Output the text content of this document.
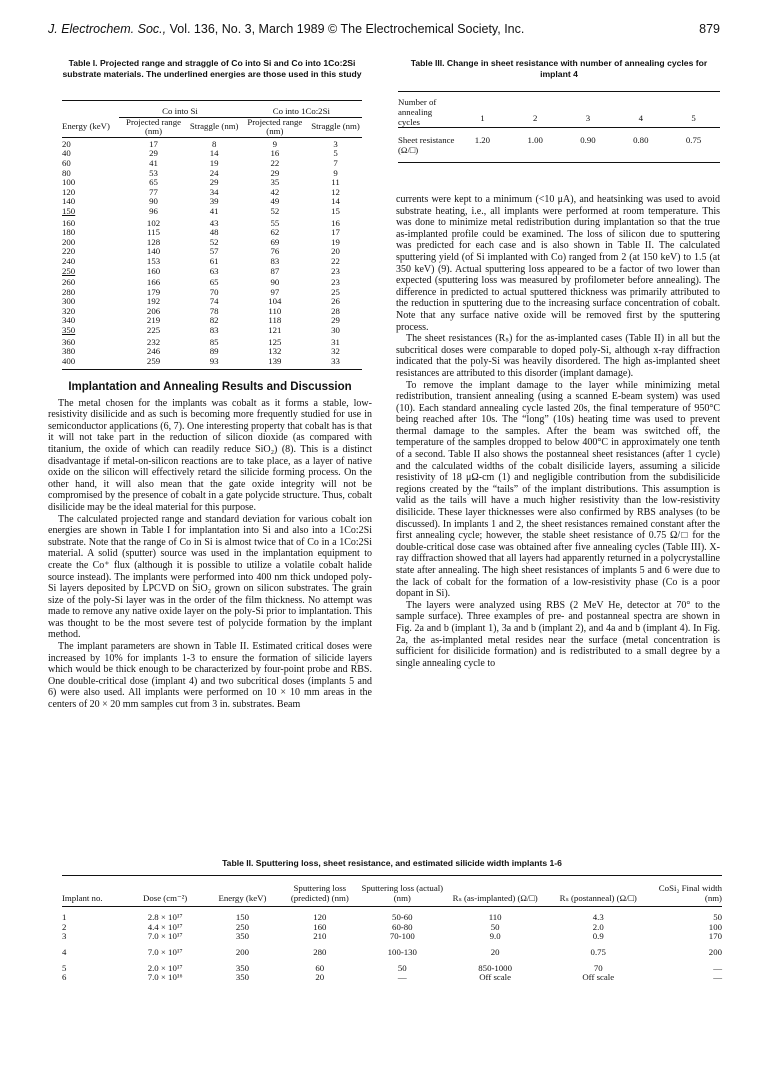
J. Electrochem. Soc., Vol. 136, No. 3, March 1989 © The Electrochemical Society, Inc.	879
Table I. Projected range and straggle of Co into Si and Co into 1Co:2Si substrate materials. The underlined energies are those used in this study

	Co into Si		Co into 1Co:2Si	
Energy (keV)	Projected range (nm)	Straggle (nm)	Projected range (nm)	Straggle (nm)
20	17	8	9	3
40	29	14	16	5
60	41	19	22	7
80	53	24	29	9
100	65	29	35	11
120	77	34	42	12
140	90	39	49	14
150	96	41	52	15
160	102	43	55	16
180	115	48	62	17
200	128	52	69	19
220	140	57	76	20
240	153	61	83	22
250	160	63	87	23
260	166	65	90	23
280	179	70	97	25
300	192	74	104	26
320	206	78	110	28
340	219	82	118	29
350	225	83	121	30
360	232	85	125	31
380	246	89	132	32
400	259	93	139	33
Table III. Change in sheet resistance with number of annealing cycles for implant 4

Number of annealing cycles	1	2	3	4	5

Sheet resistance (Ω/□)	1.20	1.00	0.90	0.80	0.75
Implantation and Annealing Results and Discussion

The metal chosen for the implants was cobalt as it forms a stable, low-resistivity disilicide and as such is becoming more frequently studied for use in semiconductor applications (6, 7). One interesting property that cobalt has is that it will not take part in the reduction of silicon dioxide (as compared with titanium, the oxide of which can readily reduce SiO₂) (8). This is a distinct disadvantage if metal-on-silicon reactions are to take place, as a layer of native oxide on the silicon will effectively retard the silicide forming process. On the other hand, it will also mean that the gate oxide integrity will not be compromised by the presence of cobalt in a gate polycide structure. Thus, cobalt disilicide may be the ideal material for this purpose.

The calculated projected range and standard deviation for various cobalt ion energies are shown in Table I for implantation into Si and also into a 1Co:2Si substrate. Note that the range of Co in Si is almost twice that of Co in a 1Co:2Si material. A solid (sputter) source was used in the implantation equipment to create the Co⁺ flux (although it is possible to utilize a volatile cobalt halide source instead). The implants were performed into 400 nm thick undoped poly-Si layers deposited by LPCVD on SiO₂ grown on silicon substrates. The grain size of the poly-Si layer was in the order of the film thickness. No attempt was made to remove any native oxide layer on the poly-Si prior to implantation. This was thought to be the most severe test of polycide formation by the implant method.

The implant parameters are shown in Table II. Estimated critical doses were increased by 10% for implants 1-3 to ensure the formation of silicide layers which would be thick enough to be characterized by four-point probe and RBS. One double-critical dose (implant 4) and two subcritical doses (implants 5 and 6) were also used. All implants were performed on 10 × 10 mm areas in the centers of 20 × 20 mm samples cut from 3 in. substrates. Beam

currents were kept to a minimum (<10 μA), and heatsinking was used to avoid substrate heating, i.e., all implants were performed at room temperature. This was done to minimize metal redistribution during implantation so that the true as-implanted profile could be examined. The loss of silicon due to sputtering was predicted for each case and is also shown in Table II. The calculated sputtering yield (of Si implanted with Co) ranged from 2 (at 150 keV) to 1.5 (at 350 keV) (9). Actual sputtering loss appeared to be a factor of two lower than expected (sputtering loss was measured by profilometer before annealing). The difference in predicted to actual sputtered thickness was primarily attributed to the reduction in sputtering due to the increasing surface concentration of cobalt. Note that any surface native oxide will be removed first by the sputtering process.

The sheet resistances (Rₛ) for the as-implanted cases (Table II) in all but the subcritical doses were comparable to doped poly-Si, although x-ray diffraction indicated that the poly-Si was heavily disordered. The high as-implanted sheet resistances are attributed to this disorder (implant damage).

To remove the implant damage to the layer while minimizing metal redistribution, transient annealing (using a scanned E-beam system) was used (10). Each standard annealing cycle lasted 20s, the final temperature of 950°C being reached after 10s. The “long” (10s) heating time was used to prevent thermal damage to the samples. After the beam was switched off, the temperature of the samples dropped to below 400°C in approximately one tenth of a second. Table II also shows the postanneal sheet resistances (after 1 cycle) and the calculated widths of the cobalt disilicide layers, assuming a silicide resistivity of 18 μΩ-cm (1) and negligible contribution from the subdisilicide regions created by the “tails” of the implant distributions. This assumption is valid as the tails will have a much higher resistivity than the low-resistivity disilicide. These layer thicknesses were also confirmed by RBS analyses (to be discussed). In implants 1 and 2, the sheet resistances remained constant after the first annealing cycle; however, the stable sheet resistance of 0.75 Ω/□ for the double-critical dose case was obtained after five annealing cycles (Table III). X-ray diffraction showed that all layers had apparently returned in a polycrystalline state after annealing. The high sheet resistances of implants 5 and 6 were due to the lack of cobalt for the formation of a low-resistivity phase (Co is a poor dopant in Si).

The layers were analyzed using RBS (2 MeV He, detector at 70° to the sample surface). Three examples of pre- and postanneal spectra are shown in Fig. 2a and b (implant 1), 3a and b (implant 2), and 4a and b (implant 4). In Fig. 2a, the as-implanted metal resides near the surface (metal concentration is sufficient for disilicide formation) and is redistributed to a small degree by a single annealing cycle to

Table II. Sputtering loss, sheet resistance, and estimated silicide width implants 1-6

Implant no.	Dose (cm⁻²)	Energy (keV)	Sputtering loss (predicted) (nm)	Sputtering loss (actual) (nm)	Rₛ (as-implanted) (Ω/□)	Rₛ (postanneal) (Ω/□)	CoSi₂ Final width (nm)
1	2.8 × 10¹⁷	150	120	50-60	110	4.3	50
2	4.4 × 10¹⁷	250	160	60-80	50	2.0	100
3	7.0 × 10¹⁷	350	210	70-100	9.0	0.9	170
4	7.0 × 10¹⁷	200	280	100-130	20	0.75	200
5	2.0 × 10¹⁷	350	60	50	850-1000	70	—
6	7.0 × 10¹⁶	350	20	—	Off scale	Off scale	—
